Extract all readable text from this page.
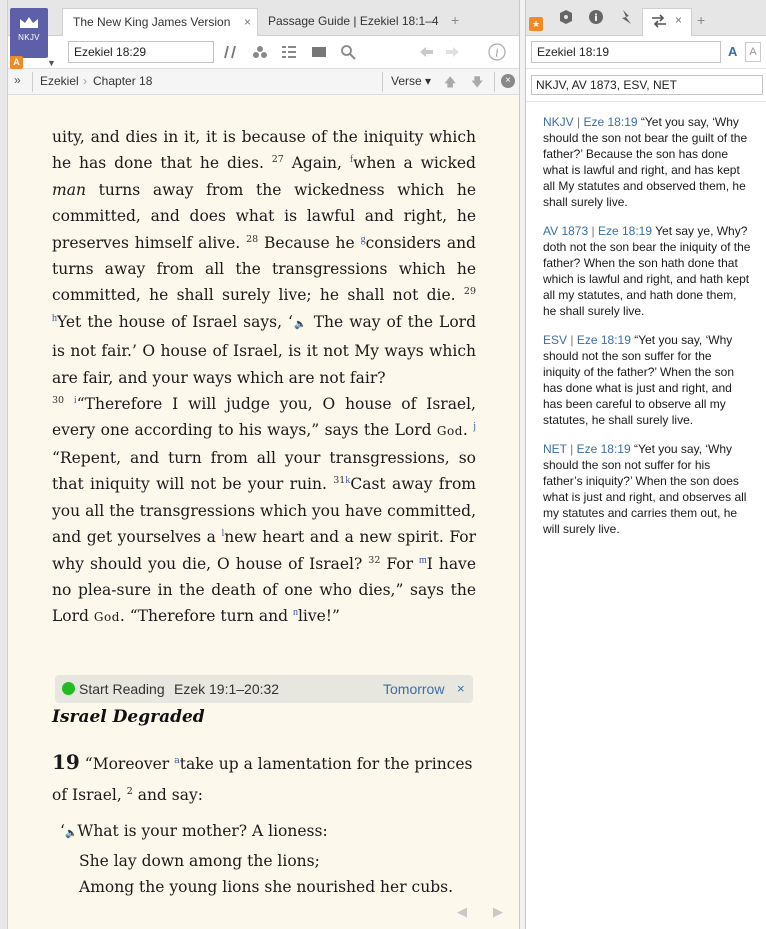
The New King James Version ×	Passage Guide | Ezekiel 18:1–4 +
NKJV
A	▼
Ezekiel 18:29	i
» Ezekiel › Chapter 18	Verse ▾ 🡅 🡇	×

uity, and dies in it, it is because of the iniquity which he has done that he dies. $^{27}$ Again, $^f$when a wicked man turns away from the wickedness which he committed, and does what is lawful and right, he preserves himself alive. $^{28}$ Because he $^g$considers and turns away from all the transgressions which he committed, he shall surely live; he shall not die. $^{29}$ $^h$Yet the house of Israel says, ‘🔈 The way of the Lord is not fair.’ O house of Israel, is it not My ways which are fair, and your ways which are not fair?

$^{30}$ $^i$“Therefore I will judge you, O house of Israel, every one according to his ways,” says the Lord God. $^j$ “Repent, and turn from all your transgressions, so that iniquity will not be your ruin. $^{31k}$Cast away from you all the transgressions which you have committed, and get yourselves a $^l$new heart and a new spirit. For why should you die, O house of Israel? $^{32}$ For $^m$I have no plea-sure in the death of one who dies,” says the Lord God. “Therefore turn and $^n$live!”

Start Reading Ezek 19:1–20:32	Tomorrow ×
Israel Degraded
19 “Moreover $^a$take up a lamentation for the princes of Israel, $^2$ and say:
‘🔈What is your mother? A lioness:
She lay down among the lions;
Among the young lions she nourished her cubs.
◀ ▶
★	i	× +
Ezekiel 18:19	A	A
NKJV, AV 1873, ESV, NET
NKJV | Eze 18:19 “Yet you say, ‘Why should the son not bear the guilt of the father?’ Because the son has done what is lawful and right, and has kept all My statutes and observed them, he shall surely live.
AV 1873 | Eze 18:19 Yet say ye, Why? doth not the son bear the iniquity of the father? When the son hath done that which is lawful and right, and hath kept all my statutes, and hath done them, he shall surely live.
ESV | Eze 18:19 “Yet you say, ‘Why should not the son suffer for the iniquity of the father?’ When the son has done what is just and right, and has been careful to observe all my statutes, he shall surely live.
NET | Eze 18:19 “Yet you say, ‘Why should the son not suffer for his father’s iniquity?’ When the son does what is just and right, and observes all my statutes and carries them out, he will surely live.
